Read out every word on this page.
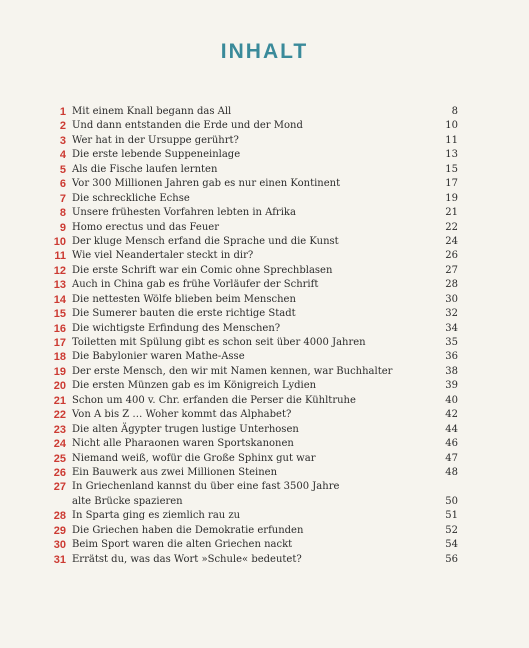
INHALT
1 Mit einem Knall begann das All	8
2 Und dann entstanden die Erde und der Mond	10
3 Wer hat in der Ursuppe gerührt?	11
4 Die erste lebende Suppeneinlage	13
5 Als die Fische laufen lernten	15
6 Vor 300 Millionen Jahren gab es nur einen Kontinent	17
7 Die schreckliche Echse	19
8 Unsere frühesten Vorfahren lebten in Afrika	21
9 Homo erectus und das Feuer	22
10 Der kluge Mensch erfand die Sprache und die Kunst	24
11 Wie viel Neandertaler steckt in dir?	26
12 Die erste Schrift war ein Comic ohne Sprechblasen	27
13 Auch in China gab es frühe Vorläufer der Schrift	28
14 Die nettesten Wölfe blieben beim Menschen	30
15 Die Sumerer bauten die erste richtige Stadt	32
16 Die wichtigste Erfindung des Menschen?	34
17 Toiletten mit Spülung gibt es schon seit über 4000 Jahren	35
18 Die Babylonier waren Mathe-Asse	36
19 Der erste Mensch, den wir mit Namen kennen, war Buchhalter	38
20 Die ersten Münzen gab es im Königreich Lydien	39
21 Schon um 400 v. Chr. erfanden die Perser die Kühltruhe	40
22 Von A bis Z … Woher kommt das Alphabet?	42
23 Die alten Ägypter trugen lustige Unterhosen	44
24 Nicht alle Pharaonen waren Sportskanonen	46
25 Niemand weiß, wofür die Große Sphinx gut war	47
26 Ein Bauwerk aus zwei Millionen Steinen	48
27 In Griechenland kannst du über eine fast 3500 Jahre
alte Brücke spazieren	50
28 In Sparta ging es ziemlich rau zu	51
29 Die Griechen haben die Demokratie erfunden	52
30 Beim Sport waren die alten Griechen nackt	54
31 Errätst du, was das Wort »Schule« bedeutet?	56
